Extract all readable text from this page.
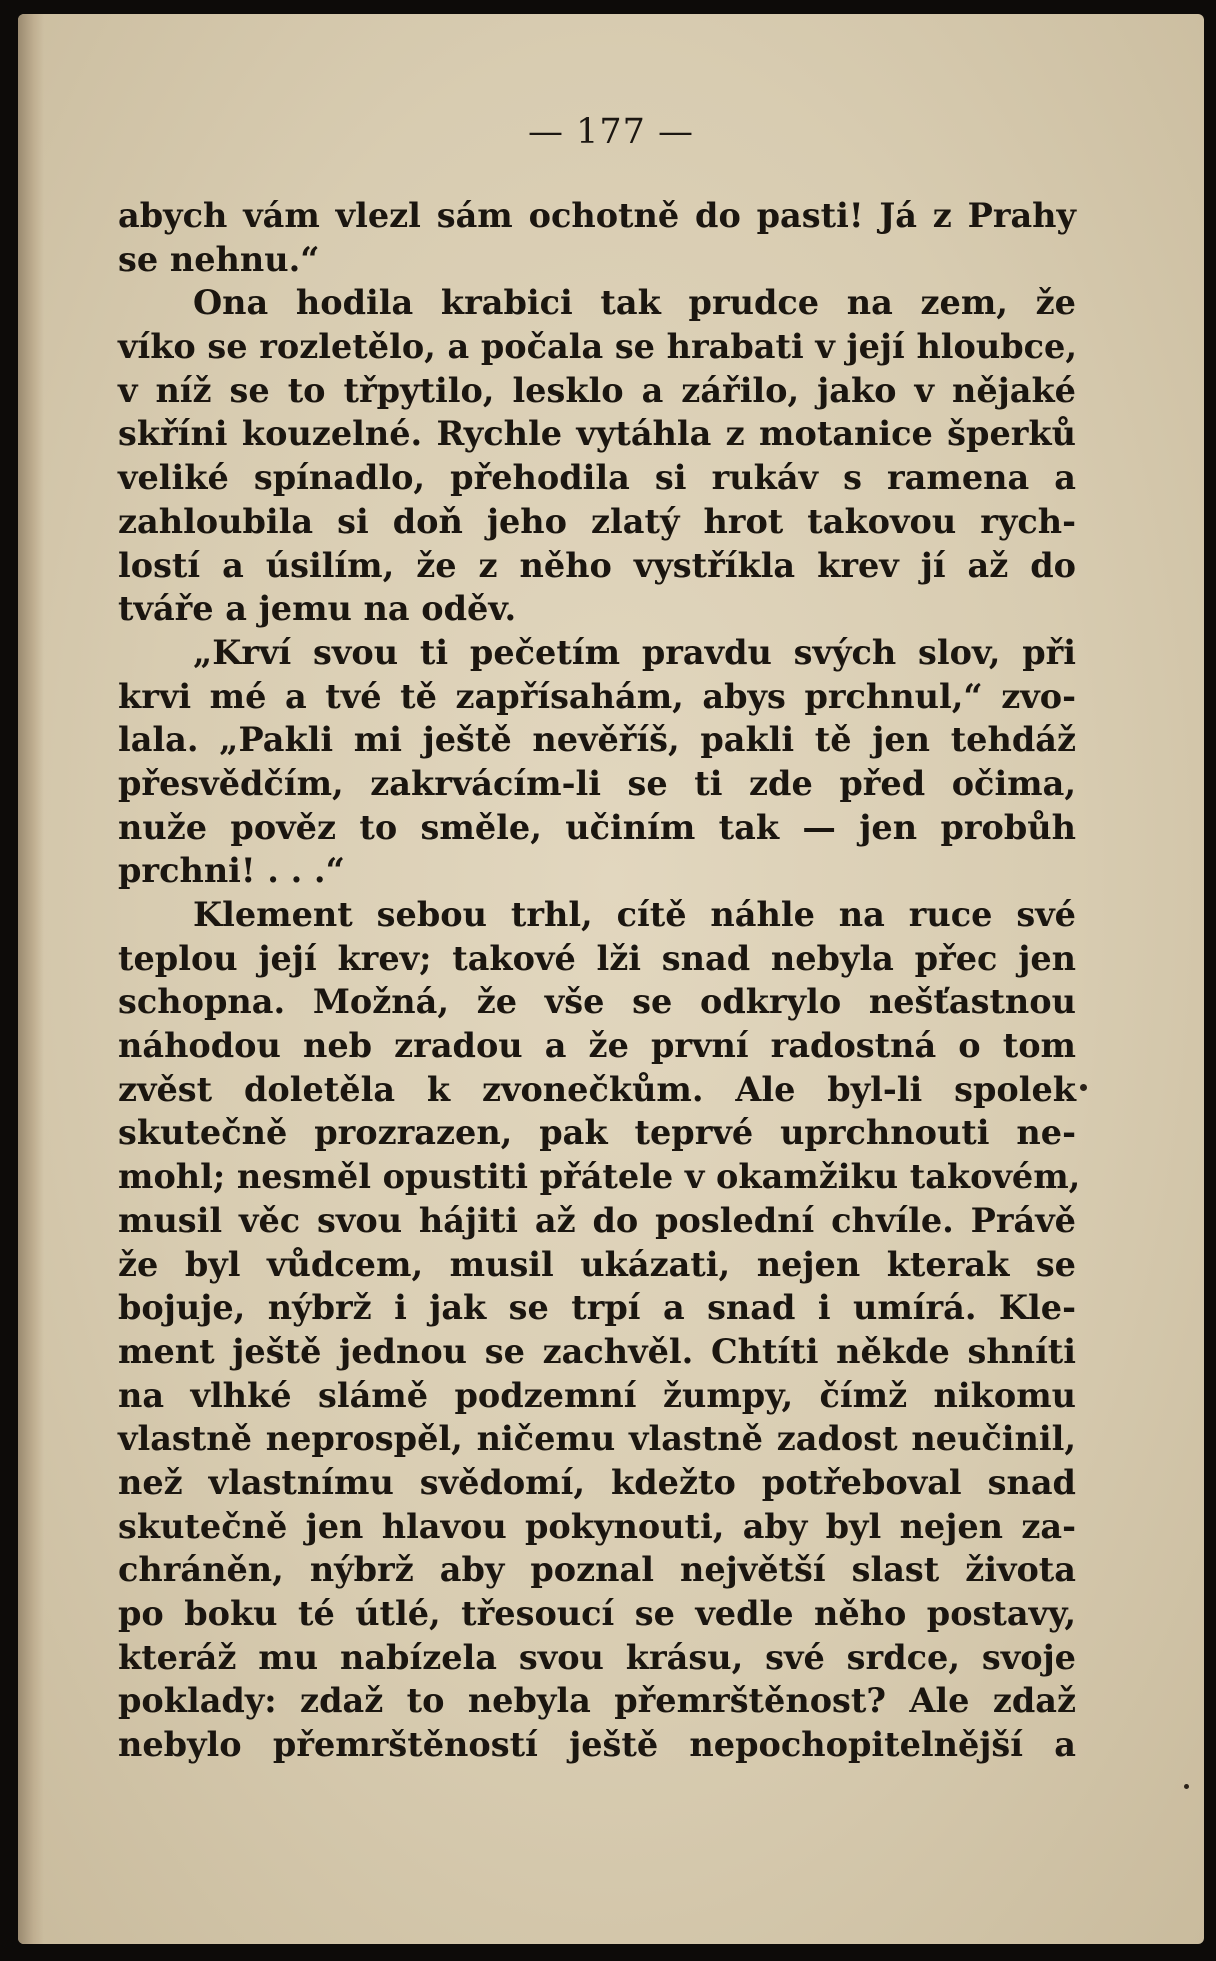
— 177 —
abych vám vlezl sám ochotně do pasti! Já z Prahy
se nehnu.“
Ona hodila krabici tak prudce na zem, že
víko se rozletělo, a počala se hrabati v její hloubce,
v níž se to třpytilo, lesklo a zářilo, jako v nějaké
skříni kouzelné. Rychle vytáhla z motanice šperků
veliké spínadlo, přehodila si rukáv s ramena a
zahloubila si doň jeho zlatý hrot takovou rych-
lostí a úsilím, že z něho vystříkla krev jí až do
tváře a jemu na oděv.
„Krví svou ti pečetím pravdu svých slov, při
krvi mé a tvé tě zapřísahám, abys prchnul,“ zvo-
lala. „Pakli mi ještě nevěříš, pakli tě jen tehdáž
přesvědčím, zakrvácím-li se ti zde před očima,
nuže pověz to směle, učiním tak — jen probůh
prchni! . . .“
Klement sebou trhl, cítě náhle na ruce své
teplou její krev; takové lži snad nebyla přec jen
schopna. Možná, že vše se odkrylo nešťastnou
náhodou neb zradou a že první radostná o tom
zvěst doletěla k zvonečkům. Ale byl-li spolek
skutečně prozrazen, pak teprvé uprchnouti ne-
mohl; nesměl opustiti přátele v okamžiku takovém,
musil věc svou hájiti až do poslední chvíle. Právě
že byl vůdcem, musil ukázati, nejen kterak se
bojuje, nýbrž i jak se trpí a snad i umírá. Kle-
ment ještě jednou se zachvěl. Chtíti někde shníti
na vlhké slámě podzemní žumpy, čímž nikomu
vlastně neprospěl, ničemu vlastně zadost neučinil,
než vlastnímu svědomí, kdežto potřeboval snad
skutečně jen hlavou pokynouti, aby byl nejen za-
chráněn, nýbrž aby poznal největší slast života
po boku té útlé, třesoucí se vedle něho postavy,
kteráž mu nabízela svou krásu, své srdce, svoje
poklady: zdaž to nebyla přemrštěnost? Ale zdaž
nebylo přemrštěností ještě nepochopitelnější a
